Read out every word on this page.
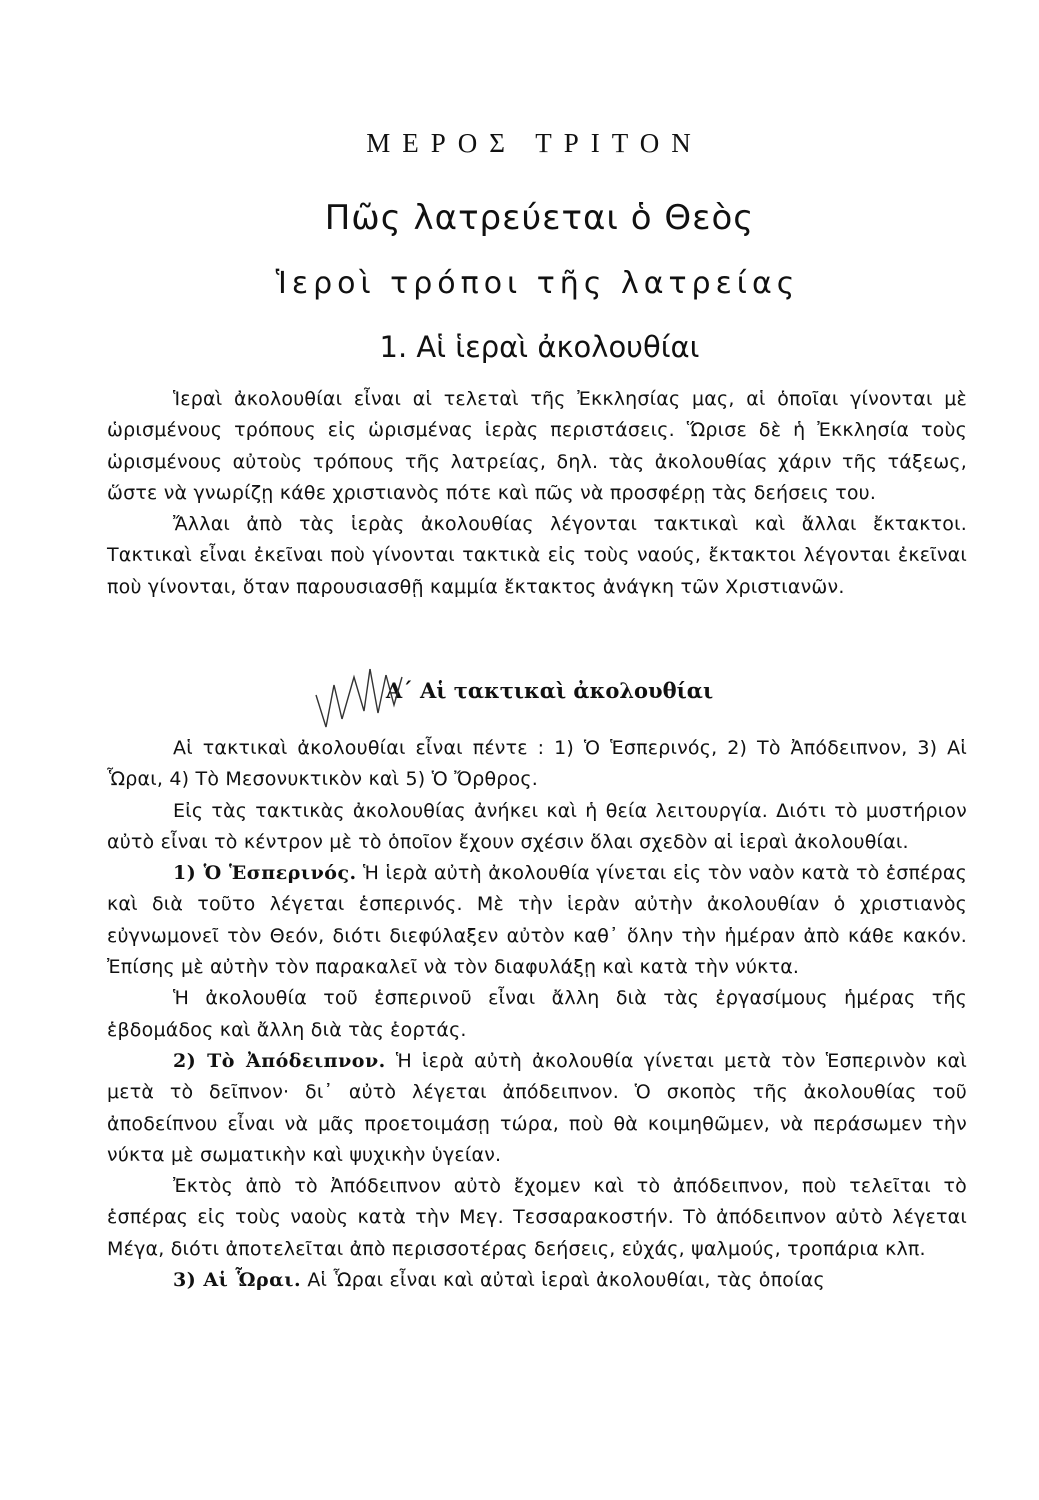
ΜΕΡΟΣ ΤΡΙΤΟΝ
Πῶς λατρεύεται ὁ Θεὸς
Ἱεροὶ τρόποι τῆς λατρείας
1. Αἱ ἱεραὶ ἀκολουθίαι

Ἱεραὶ ἀκολουθίαι εἶναι αἱ τελεταὶ τῆς Ἐκκλησίας μας, αἱ ὁποῖαι γίνονται μὲ ὡρισμένους τρόπους εἰς ὡρισμένας ἱερὰς περιστάσεις. Ὥρισε δὲ ἡ Ἐκκλησία τοὺς ὡρισμένους αὐτοὺς τρόπους τῆς λατρείας, δηλ. τὰς ἀκολουθίας χάριν τῆς τάξεως, ὥστε νὰ γνωρίζῃ κάθε χριστιανὸς πότε καὶ πῶς νὰ προσφέρῃ τὰς δεήσεις του.

Ἄλλαι ἀπὸ τὰς ἱερὰς ἀκολουθίας λέγονται τακτικαὶ καὶ ἄλλαι ἔκτακτοι. Τακτικαὶ εἶναι ἐκεῖναι ποὺ γίνονται τακτικὰ εἰς τοὺς ναούς, ἔκτακτοι λέγονται ἐκεῖναι ποὺ γίνονται, ὅταν παρουσιασθῇ καμμία ἔκτακτος ἀνάγκη τῶν Χριστιανῶν.

Α΄ Αἱ τακτικαὶ ἀκολουθίαι

Αἱ τακτικαὶ ἀκολουθίαι εἶναι πέντε : 1) Ὁ Ἑσπερινός, 2) Τὸ Ἀπόδειπνον, 3) Αἱ Ὧραι, 4) Τὸ Μεσονυκτικὸν καὶ 5) Ὁ Ὄρθρος.

Εἰς τὰς τακτικὰς ἀκολουθίας ἀνήκει καὶ ἡ θεία λειτουργία. Διότι τὸ μυστήριον αὐτὸ εἶναι τὸ κέντρον μὲ τὸ ὁποῖον ἔχουν σχέσιν ὅλαι σχεδὸν αἱ ἱεραὶ ἀκολουθίαι.

1) Ὁ Ἑσπερινός. Ἡ ἱερὰ αὐτὴ ἀκολουθία γίνεται εἰς τὸν ναὸν κατὰ τὸ ἑσπέρας καὶ διὰ τοῦτο λέγεται ἑσπερινός. Μὲ τὴν ἱερὰν αὐτὴν ἀκολουθίαν ὁ χριστιανὸς εὐγνωμονεῖ τὸν Θεόν, διότι διεφύλαξεν αὐτὸν καθ᾿ ὅλην τὴν ἡμέραν ἀπὸ κάθε κακόν. Ἐπίσης μὲ αὐτὴν τὸν παρακαλεῖ νὰ τὸν διαφυλάξῃ καὶ κατὰ τὴν νύκτα.

Ἡ ἀκολουθία τοῦ ἑσπερινοῦ εἶναι ἄλλη διὰ τὰς ἐργασίμους ἡμέρας τῆς ἑβδομάδος καὶ ἄλλη διὰ τὰς ἑορτάς.

2) Τὸ Ἀπόδειπνον. Ἡ ἱερὰ αὐτὴ ἀκολουθία γίνεται μετὰ τὸν Ἑσπερινὸν καὶ μετὰ τὸ δεῖπνον· δι᾿ αὐτὸ λέγεται ἀπόδειπνον. Ὁ σκοπὸς τῆς ἀκολουθίας τοῦ ἀποδείπνου εἶναι νὰ μᾶς προετοιμάσῃ τώρα, ποὺ θὰ κοιμηθῶμεν, νὰ περάσωμεν τὴν νύκτα μὲ σωματικὴν καὶ ψυχικὴν ὑγείαν.

Ἐκτὸς ἀπὸ τὸ Ἀπόδειπνον αὐτὸ ἔχομεν καὶ τὸ ἀπόδειπνον, ποὺ τελεῖται τὸ ἑσπέρας εἰς τοὺς ναοὺς κατὰ τὴν Μεγ. Τεσσαρακοστήν. Τὸ ἀπόδειπνον αὐτὸ λέγεται Μέγα, διότι ἀποτελεῖται ἀπὸ περισσοτέρας δεήσεις, εὐχάς, ψαλμούς, τροπάρια κλπ.

3) Αἱ Ὧραι. Αἱ Ὧραι εἶναι καὶ αὐταὶ ἱεραὶ ἀκολουθίαι, τὰς ὁποίας
